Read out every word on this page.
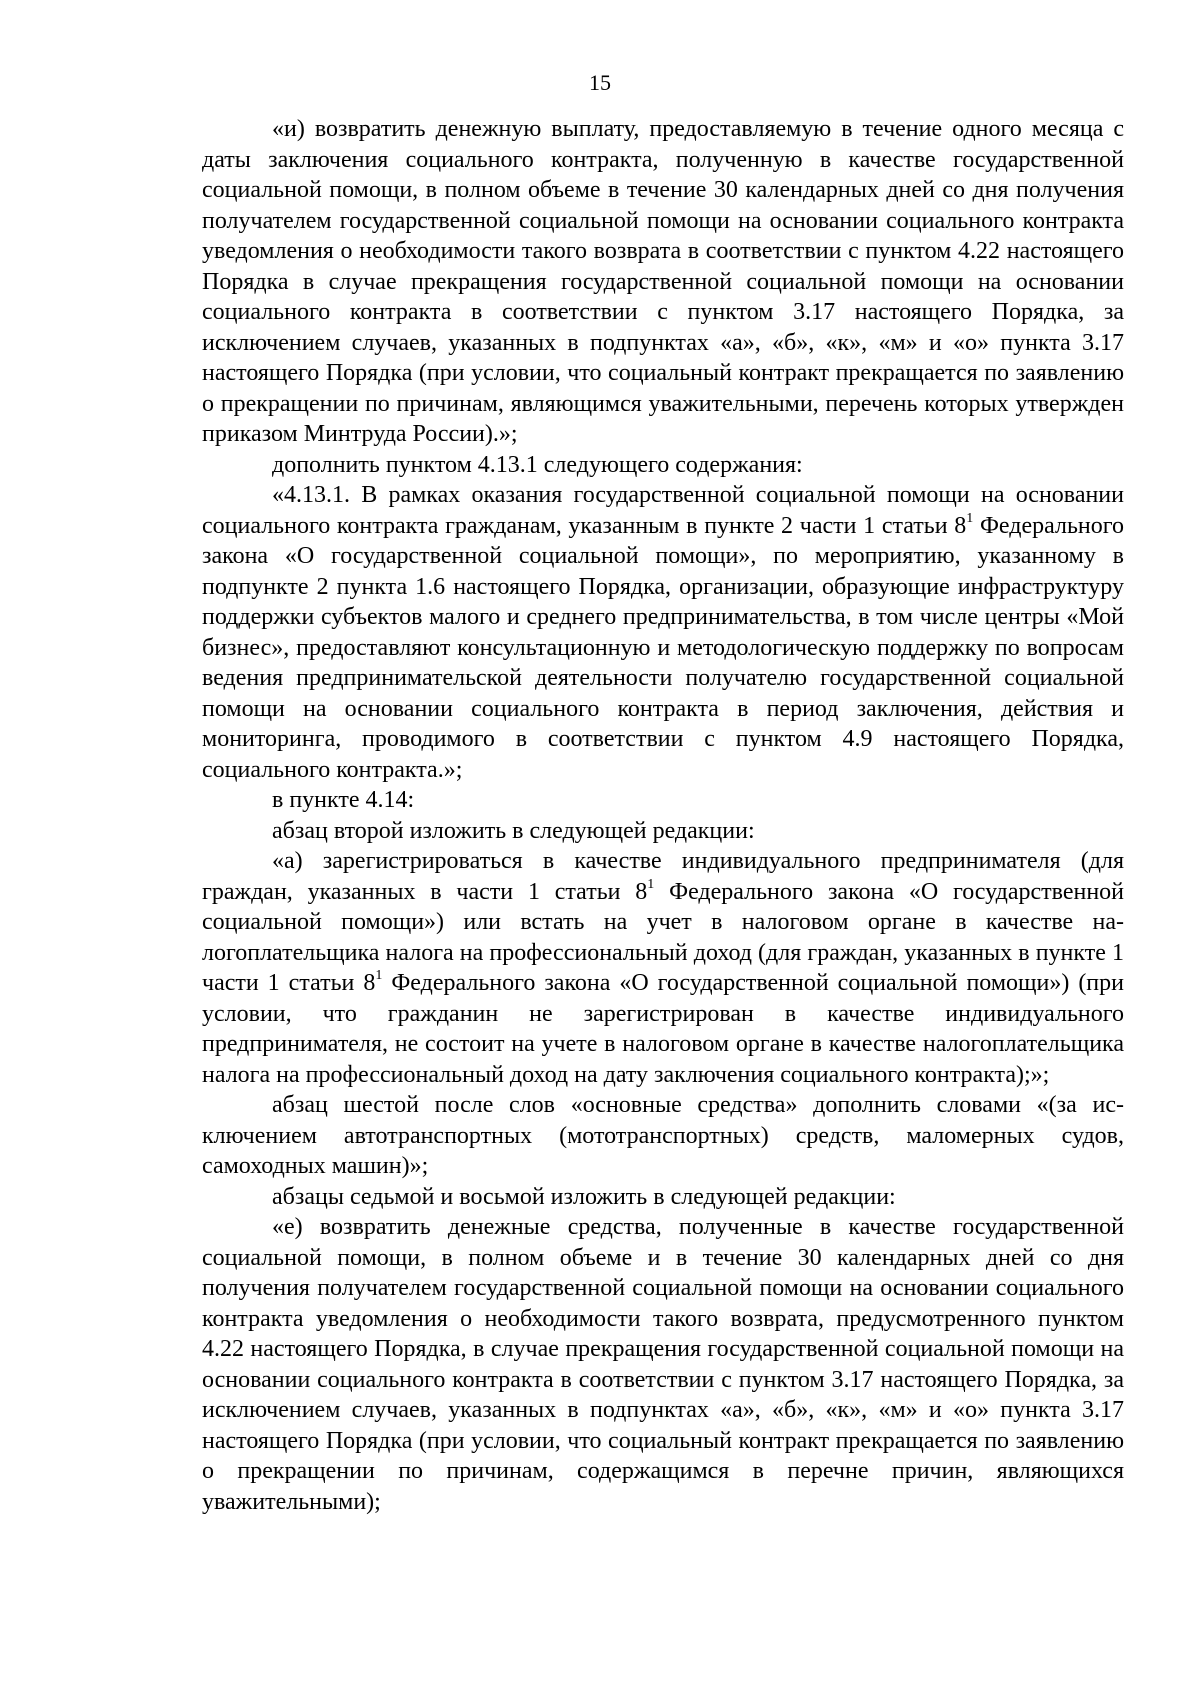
15

«и) возвратить денежную выплату, предоставляемую в течение одного месяца с даты заключения социального контракта, полученную в качестве государственной социальной помощи, в полном объеме в течение 30 календарных дней со дня получения получателем государственной социальной помощи на основании социального контракта уведомления о необходимости такого возврата в соответствии с пунктом 4.22 настоящего Порядка в случае прекращения государственной социальной помощи на основании социального контракта в соответствии с пунктом 3.17 настоящего Порядка, за исключением случаев, указанных в подпунктах «а», «б», «к», «м» и «о» пункта 3.17 настоящего Порядка (при условии, что социальный контракт прекращается по заявлению о прекращении по причинам, являющимся уважительными, перечень которых утвержден приказом Минтруда России).»;

дополнить пунктом 4.13.1 следующего содержания:

«4.13.1. В рамках оказания государственной социальной помощи на основании социального контракта гражданам, указанным в пункте 2 части 1 статьи $8^1$ Федерального закона «О государственной социальной помощи», по мероприятию, указанному в подпункте 2 пункта 1.6 настоящего Порядка, организации, образующие инфраструктуру поддержки субъектов малого и среднего предпринимательства, в том числе центры «Мой бизнес», предоставляют консультационную и методологическую поддержку по вопросам ведения предпринимательской деятельности получателю государственной социальной помощи на основании социального контракта в период заключения, действия и мониторинга, проводимого в соответствии с пунктом 4.9 настоящего Порядка, социального контракта.»;

в пункте 4.14:

абзац второй изложить в следующей редакции:

«а) зарегистрироваться в качестве индивидуального предпринимателя (для граждан, указанных в части 1 статьи $8^1$ Федерального закона «О государственной социальной помощи») или встать на учет в налоговом органе в качестве налогоплательщика налога на профессиональный доход (для граждан, указанных в пункте 1 части 1 статьи $8^1$ Федерального закона «О государственной социальной помощи») (при условии, что гражданин не зарегистрирован в качестве индивидуального предпринимателя, не состоит на учете в налоговом органе в качестве налогоплательщика налога на профессиональный доход на дату заключения социального контракта);»;

абзац шестой после слов «основные средства» дополнить словами «(за исключением автотранспортных (мототранспортных) средств, маломерных судов, самоходных машин)»;

абзацы седьмой и восьмой изложить в следующей редакции:

«е) возвратить денежные средства, полученные в качестве государственной социальной помощи, в полном объеме и в течение 30 календарных дней со дня получения получателем государственной социальной помощи на основании социального контракта уведомления о необходимости такого возврата, предусмотренного пунктом 4.22 настоящего Порядка, в случае прекращения государственной социальной помощи на основании социального контракта в соответствии с пунктом 3.17 настоящего Порядка, за исключением случаев, указанных в подпунктах «а», «б», «к», «м» и «о» пункта 3.17 настоящего Порядка (при условии, что социальный контракт прекращается по заявлению о прекращении по причинам, содержащимся в перечне причин, являющихся уважительными);
